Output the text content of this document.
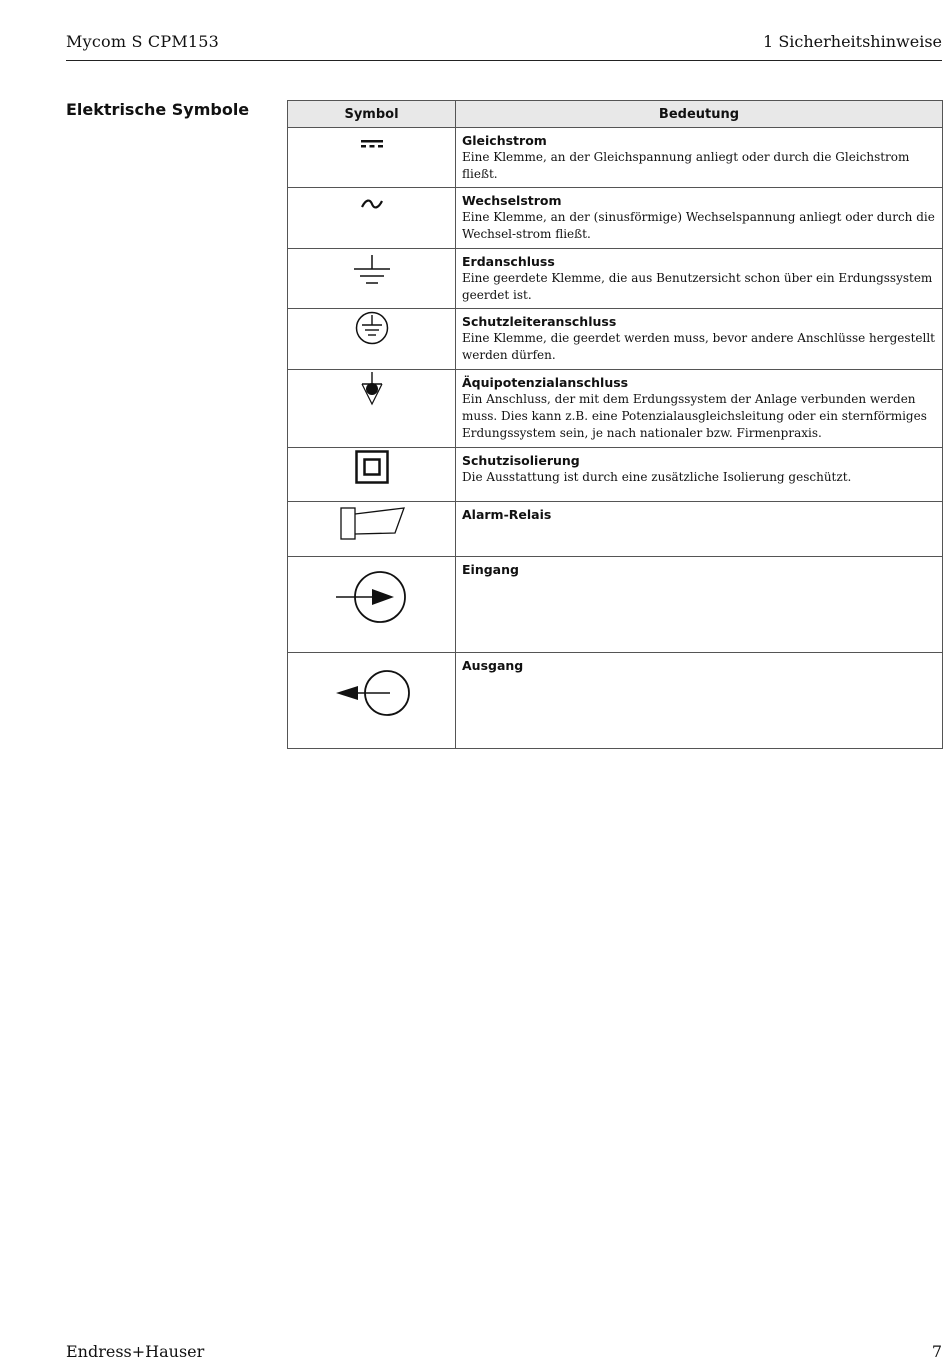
Mycom S CPM153	1 Sicherheitshinweise
Elektrische Symbole	Symbol	Bedeutung

Gleichstrom
Eine Klemme, an der Gleichspannung anliegt oder durch die Gleichstrom fließt.

Wechselstrom
Eine Klemme, an der (sinusförmige) Wechselspannung anliegt oder durch die Wechsel-strom fließt.

Erdanschluss
Eine geerdete Klemme, die aus Benutzersicht schon über ein Erdungssystem geerdet ist.

Schutzleiteranschluss
Eine Klemme, die geerdet werden muss, bevor andere Anschlüsse hergestellt werden dürfen.

Äquipotenzialanschluss
Ein Anschluss, der mit dem Erdungssystem der Anlage verbunden werden muss. Dies kann z.B. eine Potenzialausgleichsleitung oder ein sternförmiges Erdungssystem sein, je nach nationaler bzw. Firmenpraxis.

Schutzisolierung
Die Ausstattung ist durch eine zusätzliche Isolierung geschützt.

Alarm-Relais

Eingang

Ausgang
Endress+Hauser	7
